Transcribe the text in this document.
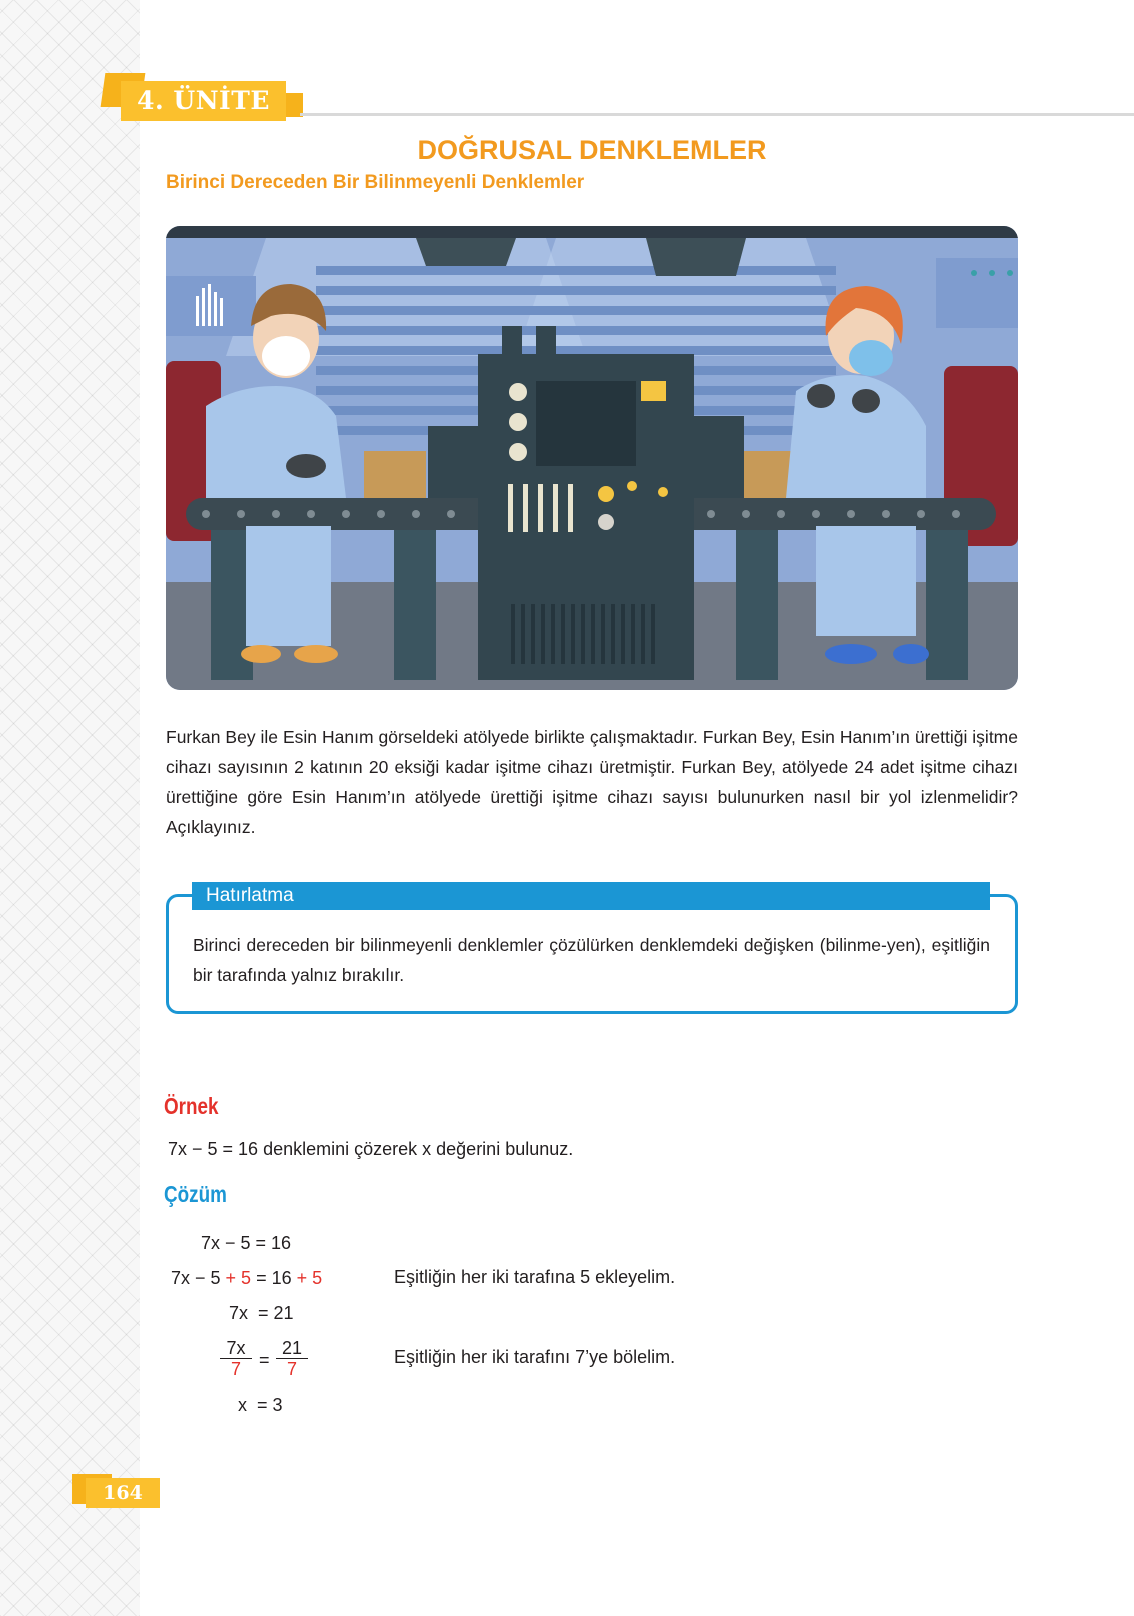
4. ÜNİTE
DOĞRUSAL DENKLEMLER
Birinci Dereceden Bir Bilinmeyenli Denklemler

Furkan Bey ile Esin Hanım görseldeki atölyede birlikte çalışmaktadır. Furkan Bey, Esin Hanım’ın ürettiği işitme cihazı sayısının 2 katının 20 eksiği kadar işitme cihazı üretmiştir. Furkan Bey, atölyede 24 adet işitme cihazı ürettiğine göre Esin Hanım’ın atölyede ürettiği işitme cihazı sayısı bulunurken nasıl bir yol izlenmelidir? Açıklayınız.

Hatırlatma

Birinci dereceden bir bilinmeyenli denklemler çözülürken denklemdeki değişken (bilinme-yen), eşitliğin bir tarafında yalnız bırakılır.

Örnek
7x − 5 = 16 denklemini çözerek x değerini bulunuz.
Çözüm
7x − 5 = 16
7x − 5 + 5 = 16 + 5
7x  = 21
$\frac{7x}{7} = \frac{21}{7}$
x  = 3
Eşitliğin her iki tarafına 5 ekleyelim.
Eşitliğin her iki tarafını 7’ye bölelim.
164
